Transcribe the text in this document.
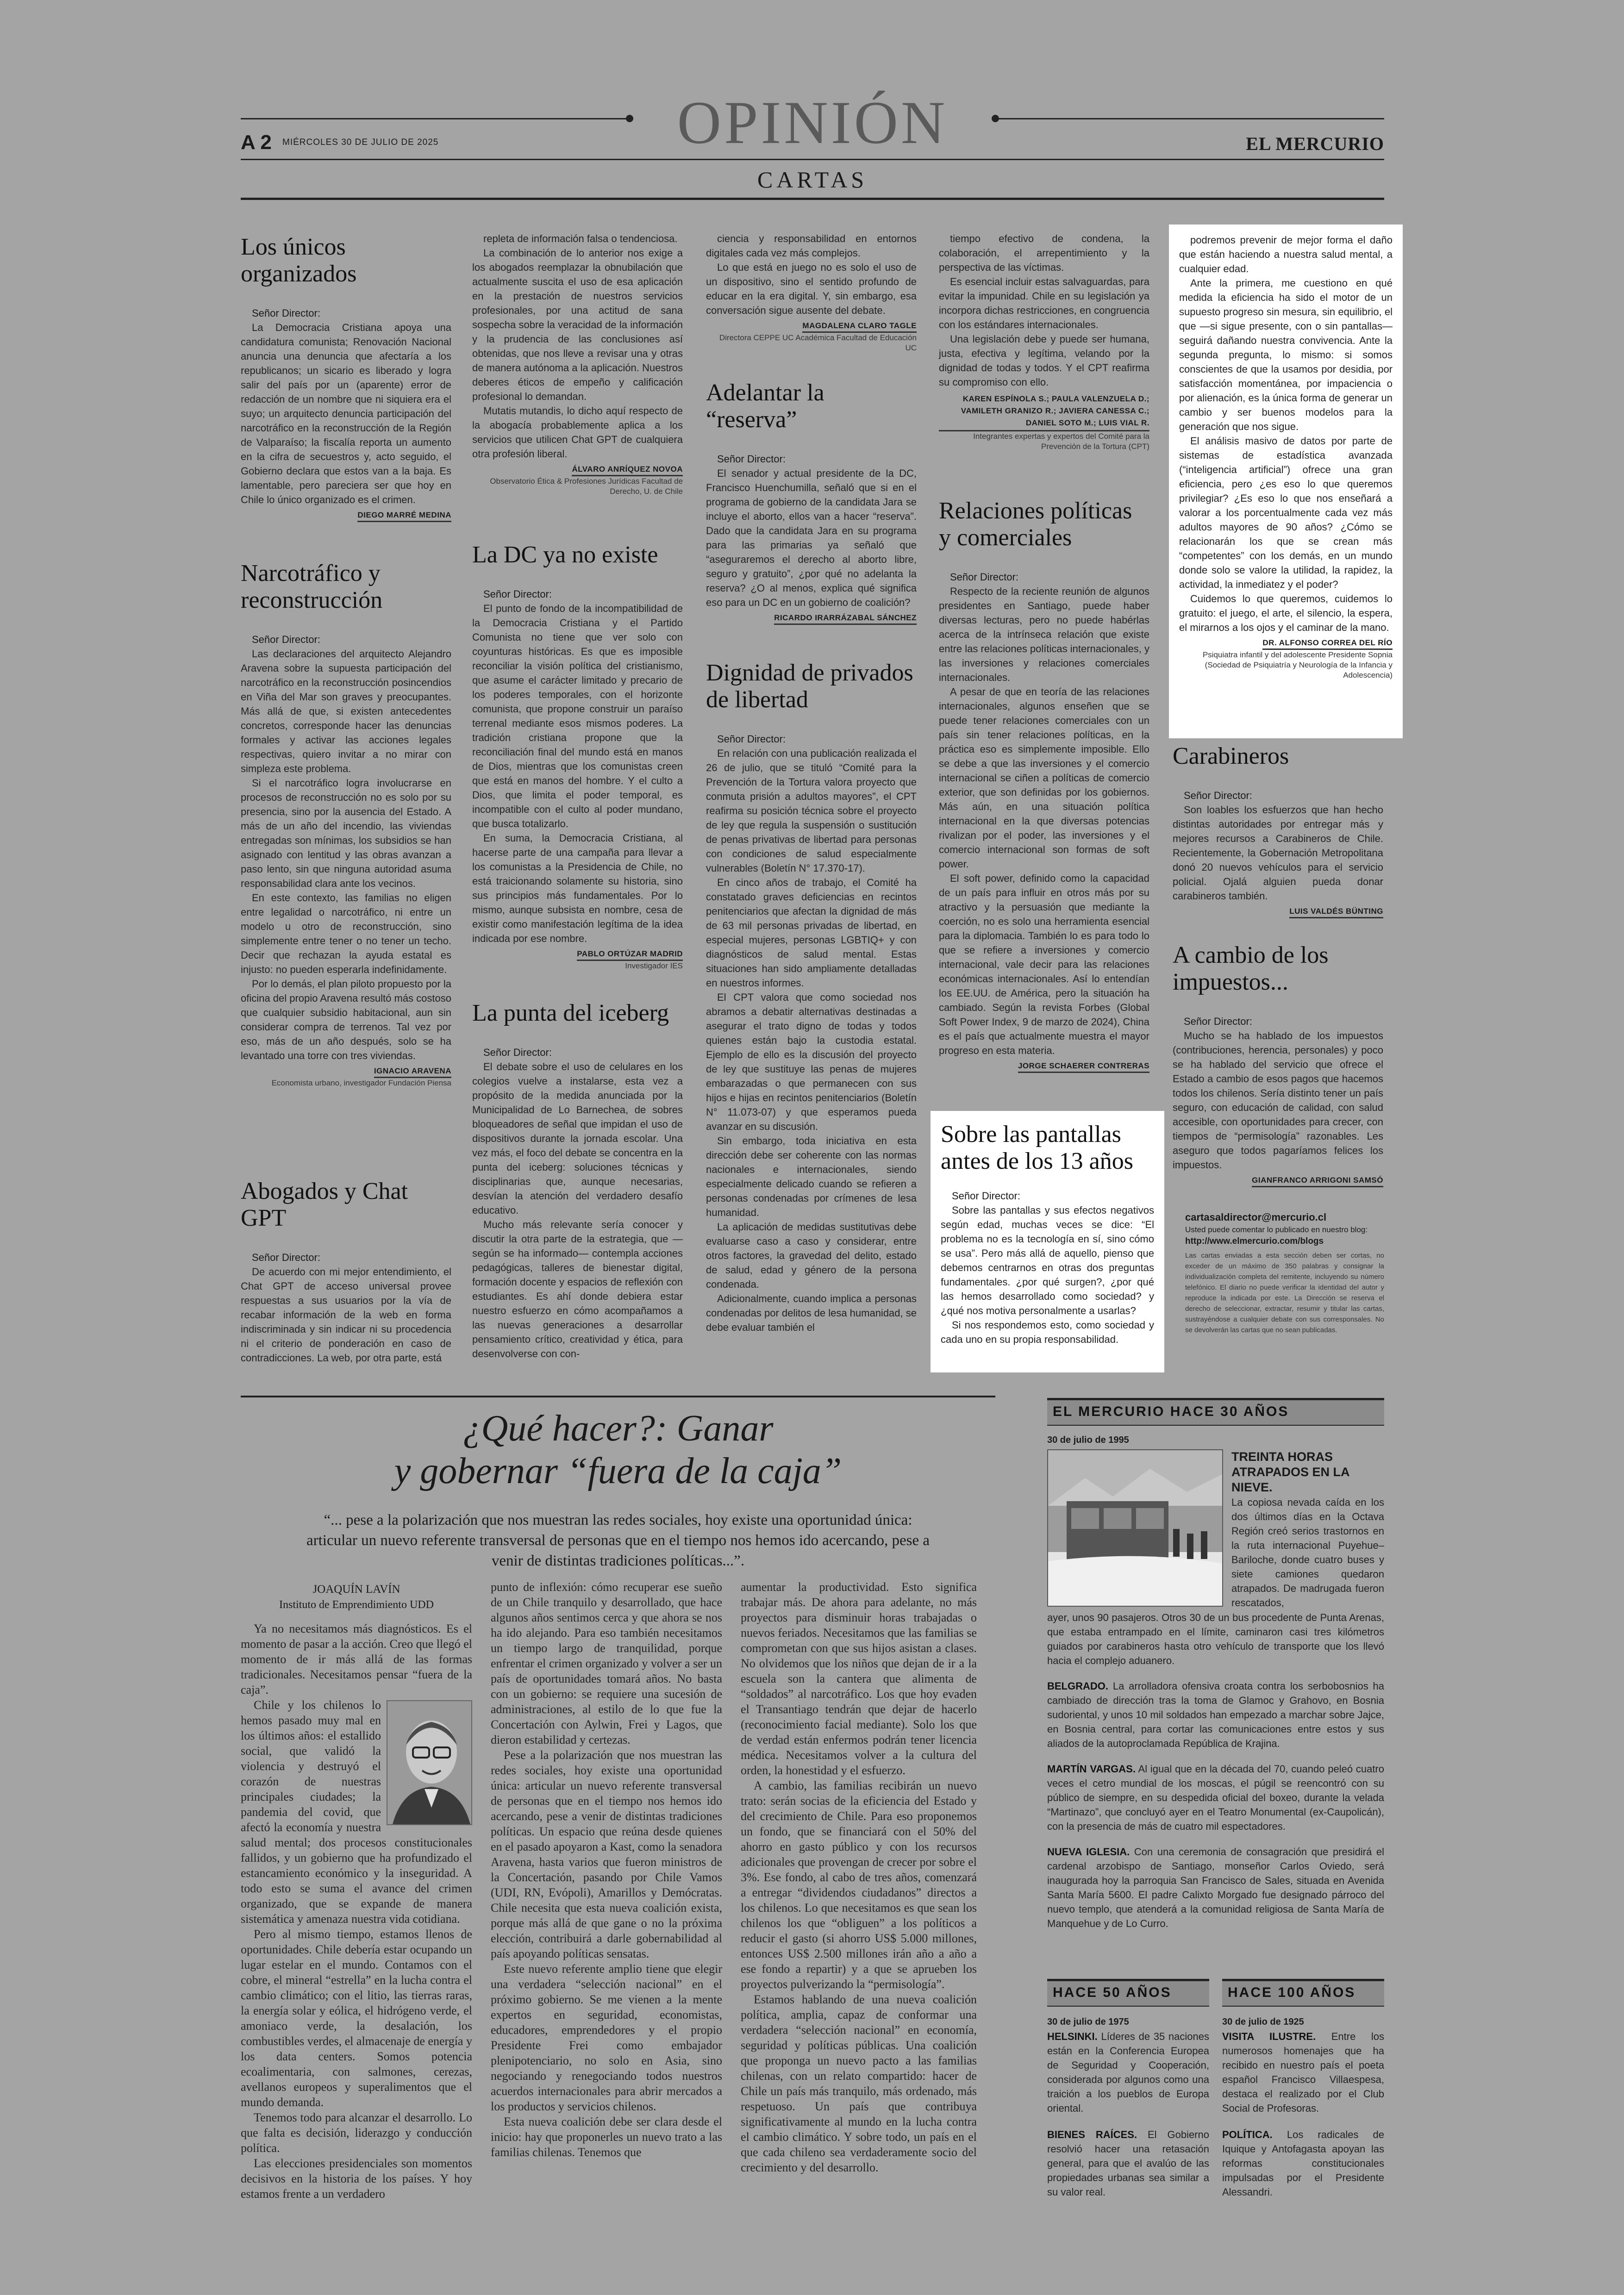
OPINIÓN
A 2 MIÉRCOLES 30 DE JULIO DE 2025	EL MERCURIO
CARTAS
Los únicos organizados
Señor Director:

La Democracia Cristiana apoya una candidatura comunista; Renovación Nacional anuncia una denuncia que afectaría a los republicanos; un sicario es liberado y logra salir del país por un (aparente) error de redacción de un nombre que ni siquiera era el suyo; un arquitecto denuncia participación del narcotráfico en la reconstrucción de la Región de Valparaíso; la fiscalía reporta un aumento en la cifra de secuestros y, acto seguido, el Gobierno declara que estos van a la baja. Es lamentable, pero pareciera ser que hoy en Chile lo único organizado es el crimen.

DIEGO MARRÉ MEDINA
Narcotráfico y reconstrucción
Señor Director:

Las declaraciones del arquitecto Alejandro Aravena sobre la supuesta participación del narcotráfico en la reconstrucción posincendios en Viña del Mar son graves y preocupantes. Más allá de que, si existen antecedentes concretos, corresponde hacer las denuncias formales y activar las acciones legales respectivas, quiero invitar a no mirar con simpleza este problema.

Si el narcotráfico logra involucrarse en procesos de reconstrucción no es solo por su presencia, sino por la ausencia del Estado. A más de un año del incendio, las viviendas entregadas son mínimas, los subsidios se han asignado con lentitud y las obras avanzan a paso lento, sin que ninguna autoridad asuma responsabilidad clara ante los vecinos.

En este contexto, las familias no eligen entre legalidad o narcotráfico, ni entre un modelo u otro de reconstrucción, sino simplemente entre tener o no tener un techo. Decir que rechazan la ayuda estatal es injusto: no pueden esperarla indefinidamente.

Por lo demás, el plan piloto propuesto por la oficina del propio Aravena resultó más costoso que cualquier subsidio habitacional, aun sin considerar compra de terrenos. Tal vez por eso, más de un año después, solo se ha levantado una torre con tres viviendas.

IGNACIO ARAVENA
Economista urbano, investigador Fundación Piensa
Abogados y Chat GPT
Señor Director:

De acuerdo con mi mejor entendimiento, el Chat GPT de acceso universal provee respuestas a sus usuarios por la vía de recabar información de la web en forma indiscriminada y sin indicar ni su procedencia ni el criterio de ponderación en caso de contradicciones. La web, por otra parte, está

repleta de información falsa o tendenciosa.

La combinación de lo anterior nos exige a los abogados reemplazar la obnubilación que actualmente suscita el uso de esa aplicación en la prestación de nuestros servicios profesionales, por una actitud de sana sospecha sobre la veracidad de la información y la prudencia de las conclusiones así obtenidas, que nos lleve a revisar una y otras de manera autónoma a la aplicación. Nuestros deberes éticos de empeño y calificación profesional lo demandan.

Mutatis mutandis, lo dicho aquí respecto de la abogacía probablemente aplica a los servicios que utilicen Chat GPT de cualquiera otra profesión liberal.

ÁLVARO ANRÍQUEZ NOVOA
Observatorio Ética & Profesiones Jurídicas Facultad de Derecho, U. de Chile
La DC ya no existe
Señor Director:

El punto de fondo de la incompatibilidad de la Democracia Cristiana y el Partido Comunista no tiene que ver solo con coyunturas históricas. Es que es imposible reconciliar la visión política del cristianismo, que asume el carácter limitado y precario de los poderes temporales, con el horizonte comunista, que propone construir un paraíso terrenal mediante esos mismos poderes. La tradición cristiana propone que la reconciliación final del mundo está en manos de Dios, mientras que los comunistas creen que está en manos del hombre. Y el culto a Dios, que limita el poder temporal, es incompatible con el culto al poder mundano, que busca totalizarlo.

En suma, la Democracia Cristiana, al hacerse parte de una campaña para llevar a los comunistas a la Presidencia de Chile, no está traicionando solamente su historia, sino sus principios más fundamentales. Por lo mismo, aunque subsista en nombre, cesa de existir como manifestación legítima de la idea indicada por ese nombre.

PABLO ORTÚZAR MADRID
Investigador IES
La punta del iceberg
Señor Director:

El debate sobre el uso de celulares en los colegios vuelve a instalarse, esta vez a propósito de la medida anunciada por la Municipalidad de Lo Barnechea, de sobres bloqueadores de señal que impidan el uso de dispositivos durante la jornada escolar. Una vez más, el foco del debate se concentra en la punta del iceberg: soluciones técnicas y disciplinarias que, aunque necesarias, desvían la atención del verdadero desafío educativo.

Mucho más relevante sería conocer y discutir la otra parte de la estrategia, que —según se ha informado— contempla acciones pedagógicas, talleres de bienestar digital, formación docente y espacios de reflexión con estudiantes. Es ahí donde debiera estar nuestro esfuerzo en cómo acompañamos a las nuevas generaciones a desarrollar pensamiento crítico, creatividad y ética, para desenvolverse con con-

ciencia y responsabilidad en entornos digitales cada vez más complejos.

Lo que está en juego no es solo el uso de un dispositivo, sino el sentido profundo de educar en la era digital. Y, sin embargo, esa conversación sigue ausente del debate.

MAGDALENA CLARO TAGLE
Directora CEPPE UC Académica Facultad de Educación UC
Adelantar la “reserva”
Señor Director:

El senador y actual presidente de la DC, Francisco Huenchumilla, señaló que si en el programa de gobierno de la candidata Jara se incluye el aborto, ellos van a hacer “reserva”. Dado que la candidata Jara en su programa para las primarias ya señaló que “aseguraremos el derecho al aborto libre, seguro y gratuito”, ¿por qué no adelanta la reserva? ¿O al menos, explica qué significa eso para un DC en un gobierno de coalición?

RICARDO IRARRÁZABAL SÁNCHEZ
Dignidad de privados de libertad
Señor Director:

En relación con una publicación realizada el 26 de julio, que se tituló “Comité para la Prevención de la Tortura valora proyecto que conmuta prisión a adultos mayores”, el CPT reafirma su posición técnica sobre el proyecto de ley que regula la suspensión o sustitución de penas privativas de libertad para personas con condiciones de salud especialmente vulnerables (Boletín N° 17.370-17).

En cinco años de trabajo, el Comité ha constatado graves deficiencias en recintos penitenciarios que afectan la dignidad de más de 63 mil personas privadas de libertad, en especial mujeres, personas LGBTIQ+ y con diagnósticos de salud mental. Estas situaciones han sido ampliamente detalladas en nuestros informes.

El CPT valora que como sociedad nos abramos a debatir alternativas destinadas a asegurar el trato digno de todas y todos quienes están bajo la custodia estatal. Ejemplo de ello es la discusión del proyecto de ley que sustituye las penas de mujeres embarazadas o que permanecen con sus hijos e hijas en recintos penitenciarios (Boletín N° 11.073-07) y que esperamos pueda avanzar en su discusión.

Sin embargo, toda iniciativa en esta dirección debe ser coherente con las normas nacionales e internacionales, siendo especialmente delicado cuando se refieren a personas condenadas por crímenes de lesa humanidad.

La aplicación de medidas sustitutivas debe evaluarse caso a caso y considerar, entre otros factores, la gravedad del delito, estado de salud, edad y género de la persona condenada.

Adicionalmente, cuando implica a personas condenadas por delitos de lesa humanidad, se debe evaluar también el

tiempo efectivo de condena, la colaboración, el arrepentimiento y la perspectiva de las víctimas.

Es esencial incluir estas salvaguardas, para evitar la impunidad. Chile en su legislación ya incorpora dichas restricciones, en congruencia con los estándares internacionales.

Una legislación debe y puede ser humana, justa, efectiva y legítima, velando por la dignidad de todas y todos. Y el CPT reafirma su compromiso con ello.

KAREN ESPÍNOLA S.; PAULA VALENZUELA D.; VAMILETH GRANIZO R.; JAVIERA CANESSA C.; DANIEL SOTO M.; LUIS VIAL R.
Integrantes expertas y expertos del Comité para la Prevención de la Tortura (CPT)
Relaciones políticas y comerciales
Señor Director:

Respecto de la reciente reunión de algunos presidentes en Santiago, puede haber diversas lecturas, pero no puede habérlas acerca de la intrínseca relación que existe entre las relaciones políticas internacionales, y las inversiones y relaciones comerciales internacionales.

A pesar de que en teoría de las relaciones internacionales, algunos enseñen que se puede tener relaciones comerciales con un país sin tener relaciones políticas, en la práctica eso es simplemente imposible. Ello se debe a que las inversiones y el comercio internacional se ciñen a políticas de comercio exterior, que son definidas por los gobiernos. Más aún, en una situación política internacional en la que diversas potencias rivalizan por el poder, las inversiones y el comercio internacional son formas de soft power.

El soft power, definido como la capacidad de un país para influir en otros más por su atractivo y la persuasión que mediante la coerción, no es solo una herramienta esencial para la diplomacia. También lo es para todo lo que se refiere a inversiones y comercio internacional, vale decir para las relaciones económicas internacionales. Así lo entendían los EE.UU. de América, pero la situación ha cambiado. Según la revista Forbes (Global Soft Power Index, 9 de marzo de 2024), China es el país que actualmente muestra el mayor progreso en esta materia.

JORGE SCHAERER CONTRERAS
Sobre las pantallas antes de los 13 años
Señor Director:

Sobre las pantallas y sus efectos negativos según edad, muchas veces se dice: “El problema no es la tecnología en sí, sino cómo se usa”. Pero más allá de aquello, pienso que debemos centrarnos en otras dos preguntas fundamentales. ¿por qué surgen?, ¿por qué las hemos desarrollado como sociedad? y ¿qué nos motiva personalmente a usarlas?

Si nos respondemos esto, como sociedad y cada uno en su propia responsabilidad.

podremos prevenir de mejor forma el daño que están haciendo a nuestra salud mental, a cualquier edad.

Ante la primera, me cuestiono en qué medida la eficiencia ha sido el motor de un supuesto progreso sin mesura, sin equilibrio, el que —si sigue presente, con o sin pantallas— seguirá dañando nuestra convivencia. Ante la segunda pregunta, lo mismo: si somos conscientes de que la usamos por desidia, por satisfacción momentánea, por impaciencia o por alienación, es la única forma de generar un cambio y ser buenos modelos para la generación que nos sigue.

El análisis masivo de datos por parte de sistemas de estadística avanzada (“inteligencia artificial”) ofrece una gran eficiencia, pero ¿es eso lo que queremos privilegiar? ¿Es eso lo que nos enseñará a valorar a los porcentualmente cada vez más adultos mayores de 90 años? ¿Cómo se relacionarán los que se crean más “competentes” con los demás, en un mundo donde solo se valore la utilidad, la rapidez, la actividad, la inmediatez y el poder?

Cuidemos lo que queremos, cuidemos lo gratuito: el juego, el arte, el silencio, la espera, el mirarnos a los ojos y el caminar de la mano.

DR. ALFONSO CORREA DEL RÍO
Psiquiatra infantil y del adolescente Presidente Sopnia (Sociedad de Psiquiatría y Neurología de la Infancia y Adolescencia)
Carabineros
Señor Director:

Son loables los esfuerzos que han hecho distintas autoridades por entregar más y mejores recursos a Carabineros de Chile. Recientemente, la Gobernación Metropolitana donó 20 nuevos vehículos para el servicio policial. Ojalá alguien pueda donar carabineros también.

LUIS VALDÉS BÜNTING
A cambio de los impuestos...
Señor Director:

Mucho se ha hablado de los impuestos (contribuciones, herencia, personales) y poco se ha hablado del servicio que ofrece el Estado a cambio de esos pagos que hacemos todos los chilenos. Sería distinto tener un país seguro, con educación de calidad, con salud accesible, con oportunidades para crecer, con tiempos de “permisología” razonables. Les aseguro que todos pagaríamos felices los impuestos.

GIANFRANCO ARRIGONI SAMSÓ
cartasaldirector@mercurio.cl
Usted puede comentar lo publicado en nuestro blog:
http://www.elmercurio.com/blogs
Las cartas enviadas a esta sección deben ser cortas, no exceder de un máximo de 350 palabras y consignar la individualización completa del remitente, incluyendo su número telefónico. El diario no puede verificar la identidad del autor y reproduce la indicada por este. La Dirección se reserva el derecho de seleccionar, extractar, resumir y titular las cartas, sustrayéndose a cualquier debate con sus corresponsales. No se devolverán las cartas que no sean publicadas.
¿Qué hacer?: Ganar
y gobernar “fuera de la caja”
“... pese a la polarización que nos muestran las redes sociales, hoy existe una oportunidad única: articular un nuevo referente transversal de personas que en el tiempo nos hemos ido acercando, pese a venir de distintas tradiciones políticas...”.
JOAQUÍN LAVÍN
Instituto de Emprendimiento UDD

Ya no necesitamos más diagnósticos. Es el momento de pasar a la acción. Creo que llegó el momento de ir más allá de las formas tradicionales. Necesitamos pensar “fuera de la caja”.

Chile y los chilenos lo hemos pasado muy mal en los últimos años: el estallido social, que validó la violencia y destruyó el corazón de nuestras principales ciudades; la pandemia del covid, que afectó la economía y nuestra salud mental; dos procesos constitucionales fallidos, y un gobierno que ha profundizado el estancamiento económico y la inseguridad. A todo esto se suma el avance del crimen organizado, que se expande de manera sistemática y amenaza nuestra vida cotidiana.

Pero al mismo tiempo, estamos llenos de oportunidades. Chile debería estar ocupando un lugar estelar en el mundo. Contamos con el cobre, el mineral “estrella” en la lucha contra el cambio climático; con el litio, las tierras raras, la energía solar y eólica, el hidrógeno verde, el amoniaco verde, la desalación, los combustibles verdes, el almacenaje de energía y los data centers. Somos potencia ecoalimentaria, con salmones, cerezas, avellanos europeos y superalimentos que el mundo demanda.

Tenemos todo para alcanzar el desarrollo. Lo que falta es decisión, liderazgo y conducción política.

Las elecciones presidenciales son momentos decisivos en la historia de los países. Y hoy estamos frente a un verdadero

punto de inflexión: cómo recuperar ese sueño de un Chile tranquilo y desarrollado, que hace algunos años sentimos cerca y que ahora se nos ha ido alejando. Para eso también necesitamos un tiempo largo de tranquilidad, porque enfrentar el crimen organizado y volver a ser un país de oportunidades tomará años. No basta con un gobierno: se requiere una sucesión de administraciones, al estilo de lo que fue la Concertación con Aylwin, Frei y Lagos, que dieron estabilidad y certezas.

Pese a la polarización que nos muestran las redes sociales, hoy existe una oportunidad única: articular un nuevo referente transversal de personas que en el tiempo nos hemos ido acercando, pese a venir de distintas tradiciones políticas. Un espacio que reúna desde quienes en el pasado apoyaron a Kast, como la senadora Aravena, hasta varios que fueron ministros de la Concertación, pasando por Chile Vamos (UDI, RN, Evópoli), Amarillos y Demócratas. Chile necesita que esta nueva coalición exista, porque más allá de que gane o no la próxima elección, contribuirá a darle gobernabilidad al país apoyando políticas sensatas.

Este nuevo referente amplio tiene que elegir una verdadera “selección nacional” en el próximo gobierno. Se me vienen a la mente expertos en seguridad, economistas, educadores, emprendedores y el propio Presidente Frei como embajador plenipotenciario, no solo en Asia, sino negociando y renegociando todos nuestros acuerdos internacionales para abrir mercados a los productos y servicios chilenos.

Esta nueva coalición debe ser clara desde el inicio: hay que proponerles un nuevo trato a las familias chilenas. Tenemos que

aumentar la productividad. Esto significa trabajar más. De ahora para adelante, no más proyectos para disminuir horas trabajadas o nuevos feriados. Necesitamos que las familias se comprometan con que sus hijos asistan a clases. No olvidemos que los niños que dejan de ir a la escuela son la cantera que alimenta de “soldados” al narcotráfico. Los que hoy evaden el Transantiago tendrán que dejar de hacerlo (reconocimiento facial mediante). Solo los que de verdad están enfermos podrán tener licencia médica. Necesitamos volver a la cultura del orden, la honestidad y el esfuerzo.

A cambio, las familias recibirán un nuevo trato: serán socias de la eficiencia del Estado y del crecimiento de Chile. Para eso proponemos un fondo, que se financiará con el 50% del ahorro en gasto público y con los recursos adicionales que provengan de crecer por sobre el 3%. Ese fondo, al cabo de tres años, comenzará a entregar “dividendos ciudadanos” directos a los chilenos. Lo que necesitamos es que sean los chilenos los que “obliguen” a los políticos a reducir el gasto (si ahorro US$ 5.000 millones, entonces US$ 2.500 millones irán año a año a ese fondo a repartir) y a que se aprueben los proyectos pulverizando la “permisología”.

Estamos hablando de una nueva coalición política, amplia, capaz de conformar una verdadera “selección nacional” en economía, seguridad y políticas públicas. Una coalición que proponga un nuevo pacto a las familias chilenas, con un relato compartido: hacer de Chile un país más tranquilo, más ordenado, más respetuoso. Un país que contribuya significativamente al mundo en la lucha contra el cambio climático. Y sobre todo, un país en el que cada chileno sea verdaderamente socio del crecimiento y del desarrollo.

EL MERCURIO HACE 30 AÑOS
30 de julio de 1995
TREINTA HORAS ATRAPADOS EN LA NIEVE.

La copiosa nevada caída en los dos últimos días en la Octava Región creó serios trastornos en la ruta internacional Puyehue–Bariloche, donde cuatro buses y siete camiones quedaron atrapados. De madrugada fueron rescatados,

ayer, unos 90 pasajeros. Otros 30 de un bus procedente de Punta Arenas, que estaba entrampado en el límite, caminaron casi tres kilómetros guiados por carabineros hasta otro vehículo de transporte que los llevó hacia el complejo aduanero.

BELGRADO. La arrolladora ofensiva croata contra los serbobosnios ha cambiado de dirección tras la toma de Glamoc y Grahovo, en Bosnia sudoriental, y unos 10 mil soldados han empezado a marchar sobre Jajce, en Bosnia central, para cortar las comunicaciones entre estos y sus aliados de la autoproclamada República de Krajina.

MARTÍN VARGAS. Al igual que en la década del 70, cuando peleó cuatro veces el cetro mundial de los moscas, el púgil se reencontró con su público de siempre, en su despedida oficial del boxeo, durante la velada “Martinazo”, que concluyó ayer en el Teatro Monumental (ex-Caupolicán), con la presencia de más de cuatro mil espectadores.

NUEVA IGLESIA. Con una ceremonia de consagración que presidirá el cardenal arzobispo de Santiago, monseñor Carlos Oviedo, será inaugurada hoy la parroquia San Francisco de Sales, situada en Avenida Santa María 5600. El padre Calixto Morgado fue designado párroco del nuevo templo, que atenderá a la comunidad religiosa de Santa María de Manquehue y de Lo Curro.

HACE 50 AÑOS
30 de julio de 1975

HELSINKI. Líderes de 35 naciones están en la Conferencia Europea de Seguridad y Cooperación, considerada por algunos como una traición a los pueblos de Europa oriental.

BIENES RAÍCES. El Gobierno resolvió hacer una retasación general, para que el avalúo de las propiedades urbanas sea similar a su valor real.

HACE 100 AÑOS
30 de julio de 1925

VISITA ILUSTRE. Entre los numerosos homenajes que ha recibido en nuestro país el poeta español Francisco Villaespesa, destaca el realizado por el Club Social de Profesoras.

POLÍTICA. Los radicales de Iquique y Antofagasta apoyan las reformas constitucionales impulsadas por el Presidente Alessandri.
